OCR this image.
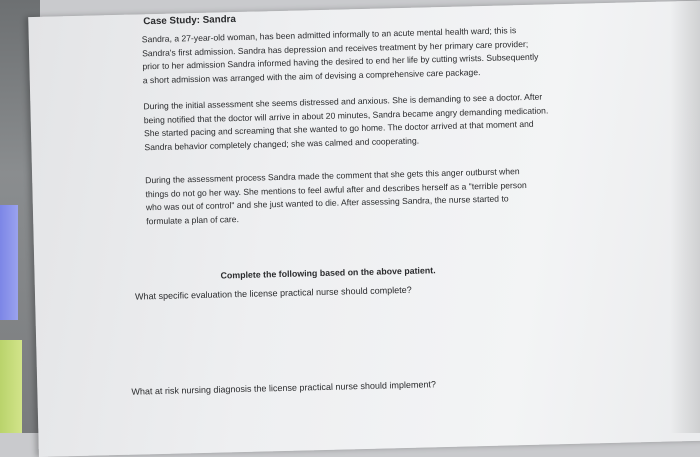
Case Study: Sandra
Sandra, a 27-year-old woman, has been admitted informally to an acute mental health ward; this is Sandra's first admission. Sandra has depression and receives treatment by her primary care provider; prior to her admission Sandra informed having the desired to end her life by cutting wrists. Subsequently a short admission was arranged with the aim of devising a comprehensive care package.
During the initial assessment she seems distressed and anxious. She is demanding to see a doctor. After being notified that the doctor will arrive in about 20 minutes, Sandra became angry demanding medication. She started pacing and screaming that she wanted to go home. The doctor arrived at that moment and Sandra behavior completely changed; she was calmed and cooperating.
During the assessment process Sandra made the comment that she gets this anger outburst when things do not go her way. She mentions to feel awful after and describes herself as a "terrible person who was out of control" and she just wanted to die. After assessing Sandra, the nurse started to formulate a plan of care.
Complete the following based on the above patient.
What specific evaluation the license practical nurse should complete?
What at risk nursing diagnosis the license practical nurse should implement?
